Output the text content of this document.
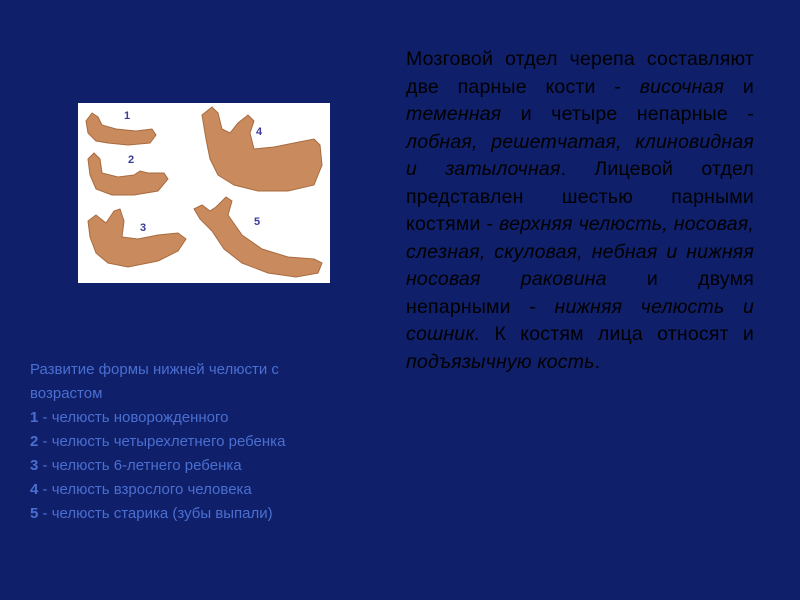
1
2
3
4
5
Развитие формы нижней челюсти с
возрастом
1 - челюсть новорожденного
2 - челюсть четырехлетнего ребенка
3 - челюсть 6-летнего ребенка
4 - челюсть взрослого человека
5 - челюсть старика (зубы выпали)
Мозговой отдел черепа составляют две парные кости - височная и теменная и четыре непарные - лобная, решетчатая, клиновидная и затылочная. Лицевой отдел представлен шестью парными костями - верхняя челюсть, носовая, слезная, скуловая, небная и нижняя носовая раковина и двумя непарными - нижняя челюсть и сошник. К костям лица относят и подъязычную кость.
